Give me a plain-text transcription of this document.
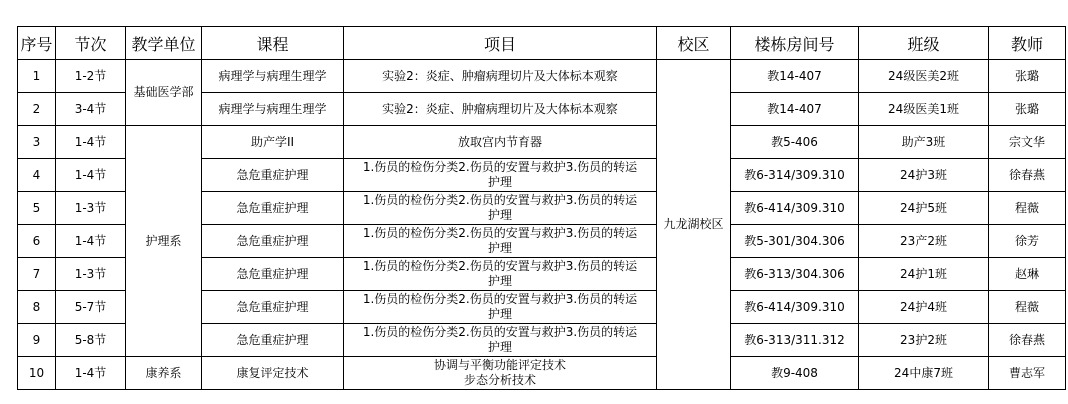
序号	节次	教学单位	课程	项目	校区	楼栋房间号	班级	教师
1	1-2节	基础医学部	病理学与病理生理学	实验2：炎症、肿瘤病理切片及大体标本观察	九龙湖校区	教14-407	24级医美2班	张璐
2	3-4节		病理学与病理生理学	实验2：炎症、肿瘤病理切片及大体标本观察		教14-407	24级医美1班	张璐
3	1-4节	护理系	助产学II	放取宫内节育器		教5-406	助产3班	宗文华
4	1-4节		急危重症护理	1.伤员的检伤分类2.伤员的安置与救护3.伤员的转运
护理		教6-314/309.310	24护3班	徐春燕
5	1-3节		急危重症护理	1.伤员的检伤分类2.伤员的安置与救护3.伤员的转运
护理		教6-414/309.310	24护5班	程薇
6	1-4节		急危重症护理	1.伤员的检伤分类2.伤员的安置与救护3.伤员的转运
护理		教5-301/304.306	23产2班	徐芳
7	1-3节		急危重症护理	1.伤员的检伤分类2.伤员的安置与救护3.伤员的转运
护理		教6-313/304.306	24护1班	赵琳
8	5-7节		急危重症护理	1.伤员的检伤分类2.伤员的安置与救护3.伤员的转运
护理		教6-414/309.310	24护4班	程薇
9	5-8节		急危重症护理	1.伤员的检伤分类2.伤员的安置与救护3.伤员的转运
护理		教6-313/311.312	23护2班	徐春燕
10	1-4节	康养系	康复评定技术	协调与平衡功能评定技术
步态分析技术		教9-408	24中康7班	曹志军
